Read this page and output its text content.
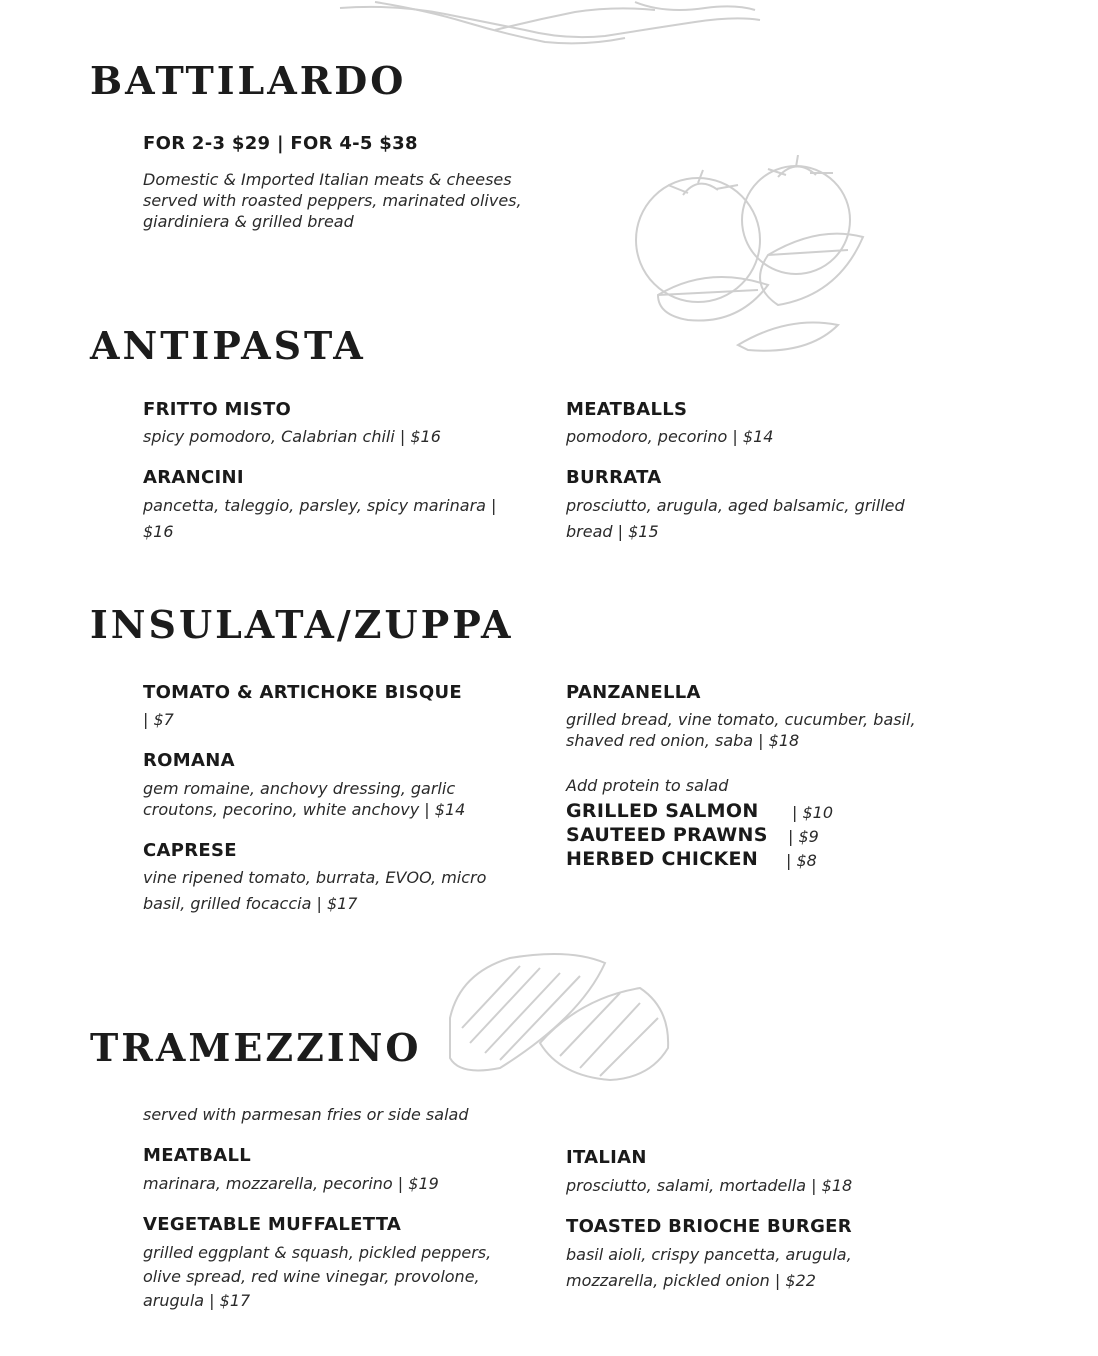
BATTILARDO
FOR 2-3 $29 | FOR 4-5 $38
Domestic & Imported Italian meats & cheeses served with roasted peppers, marinated olives, giardiniera & grilled bread
ANTIPASTA
FRITTO MISTO
spicy pomodoro, Calabrian chili | $16
MEATBALLS
pomodoro, pecorino | $14
ARANCINI
pancetta, taleggio, parsley, spicy marinara | $16
BURRATA
prosciutto, arugula, aged balsamic, grilled bread | $15
INSULATA/ZUPPA
TOMATO & ARTICHOKE BISQUE
| $7
ROMANA
gem romaine, anchovy dressing, garlic croutons, pecorino, white anchovy | $14
CAPRESE
vine ripened tomato, burrata, EVOO, micro basil, grilled focaccia | $17
PANZANELLA
grilled bread, vine tomato, cucumber, basil, shaved red onion, saba | $18
Add protein to salad
GRILLED SALMON | $10
SAUTEED PRAWNS | $9
HERBED CHICKEN | $8
TRAMEZZINO
served with parmesan fries or side salad
MEATBALL
marinara, mozzarella, pecorino | $19
ITALIAN
prosciutto, salami, mortadella | $18
VEGETABLE MUFFALETTA
grilled eggplant & squash, pickled peppers, olive spread, red wine vinegar, provolone, arugula | $17
TOASTED BRIOCHE BURGER
basil aioli, crispy pancetta, arugula, mozzarella, pickled onion | $22
